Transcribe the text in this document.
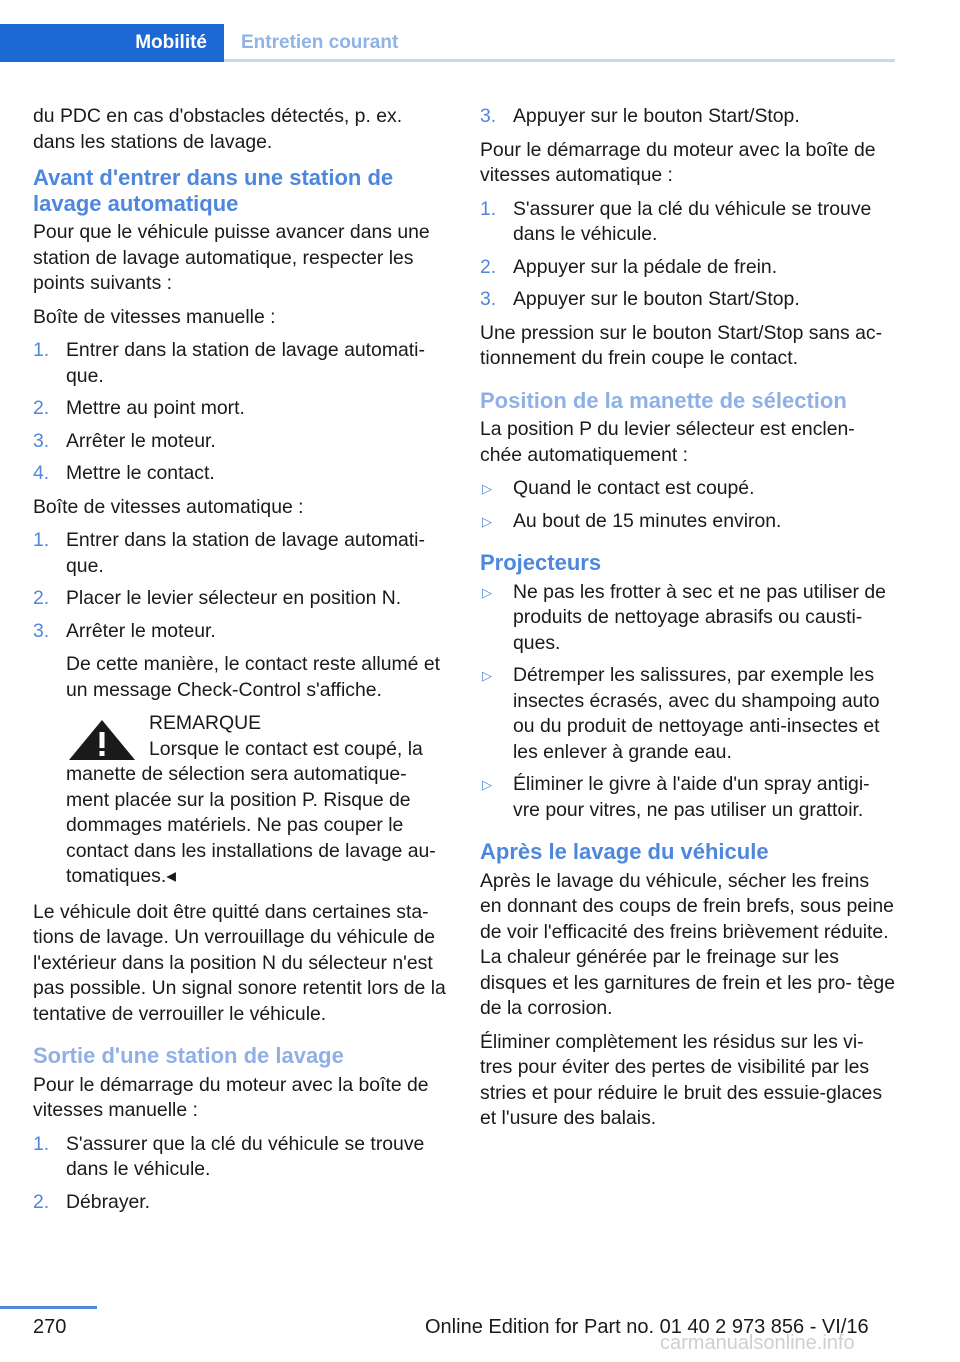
Mobilité	Entretien courant

du PDC en cas d'obstacles détectés, p. ex. dans les stations de lavage.

Avant d'entrer dans une station de lavage automatique

Pour que le véhicule puisse avancer dans une station de lavage automatique, respecter les points suivants :

Boîte de vitesses manuelle :

1. Entrer dans la station de lavage automati‐ que.
2. Mettre au point mort.
3. Arrêter le moteur.
4. Mettre le contact.

Boîte de vitesses automatique :

1. Entrer dans la station de lavage automati‐ que.
2. Placer le levier sélecteur en position N.
3. Arrêter le moteur.

De cette manière, le contact reste allumé et un message Check-Control s'affiche.

REMARQUE
Lorsque le contact est coupé, la
manette de sélection sera automatique‐ ment placée sur la position P. Risque de dommages matériels. Ne pas couper le contact dans les installations de lavage au‐ tomatiques.◂

Le véhicule doit être quitté dans certaines sta‐ tions de lavage. Un verrouillage du véhicule de l'extérieur dans la position N du sélecteur n'est pas possible. Un signal sonore retentit lors de la tentative de verrouiller le véhicule.

Sortie d'une station de lavage

Pour le démarrage du moteur avec la boîte de vitesses manuelle :

1. S'assurer que la clé du véhicule se trouve dans le véhicule.
2. Débrayer.
3. Appuyer sur le bouton Start/Stop.

Pour le démarrage du moteur avec la boîte de vitesses automatique :

1. S'assurer que la clé du véhicule se trouve dans le véhicule.
2. Appuyer sur la pédale de frein.
3. Appuyer sur le bouton Start/Stop.

Une pression sur le bouton Start/Stop sans ac‐ tionnement du frein coupe le contact.

Position de la manette de sélection

La position P du levier sélecteur est enclen‐ chée automatiquement :

▷ Quand le contact est coupé.
▷ Au bout de 15 minutes environ.
Projecteurs
▷ Ne pas les frotter à sec et ne pas utiliser de produits de nettoyage abrasifs ou causti‐ ques.
▷ Détremper les salissures, par exemple les insectes écrasés, avec du shampoing auto ou du produit de nettoyage anti-insectes et les enlever à grande eau.
▷ Éliminer le givre à l'aide d'un spray antigi‐ vre pour vitres, ne pas utiliser un grattoir.
Après le lavage du véhicule

Après le lavage du véhicule, sécher les freins en donnant des coups de frein brefs, sous peine de voir l'efficacité des freins brièvement réduite. La chaleur générée par le freinage sur les disques et les garnitures de frein et les pro‐ tège de la corrosion.

Éliminer complètement les résidus sur les vi‐ tres pour éviter des pertes de visibilité par les stries et pour réduire le bruit des essuie-glaces et l'usure des balais.

270	Online Edition for Part no. 01 40 2 973 856 - VI/16
carmanualsonline.info
